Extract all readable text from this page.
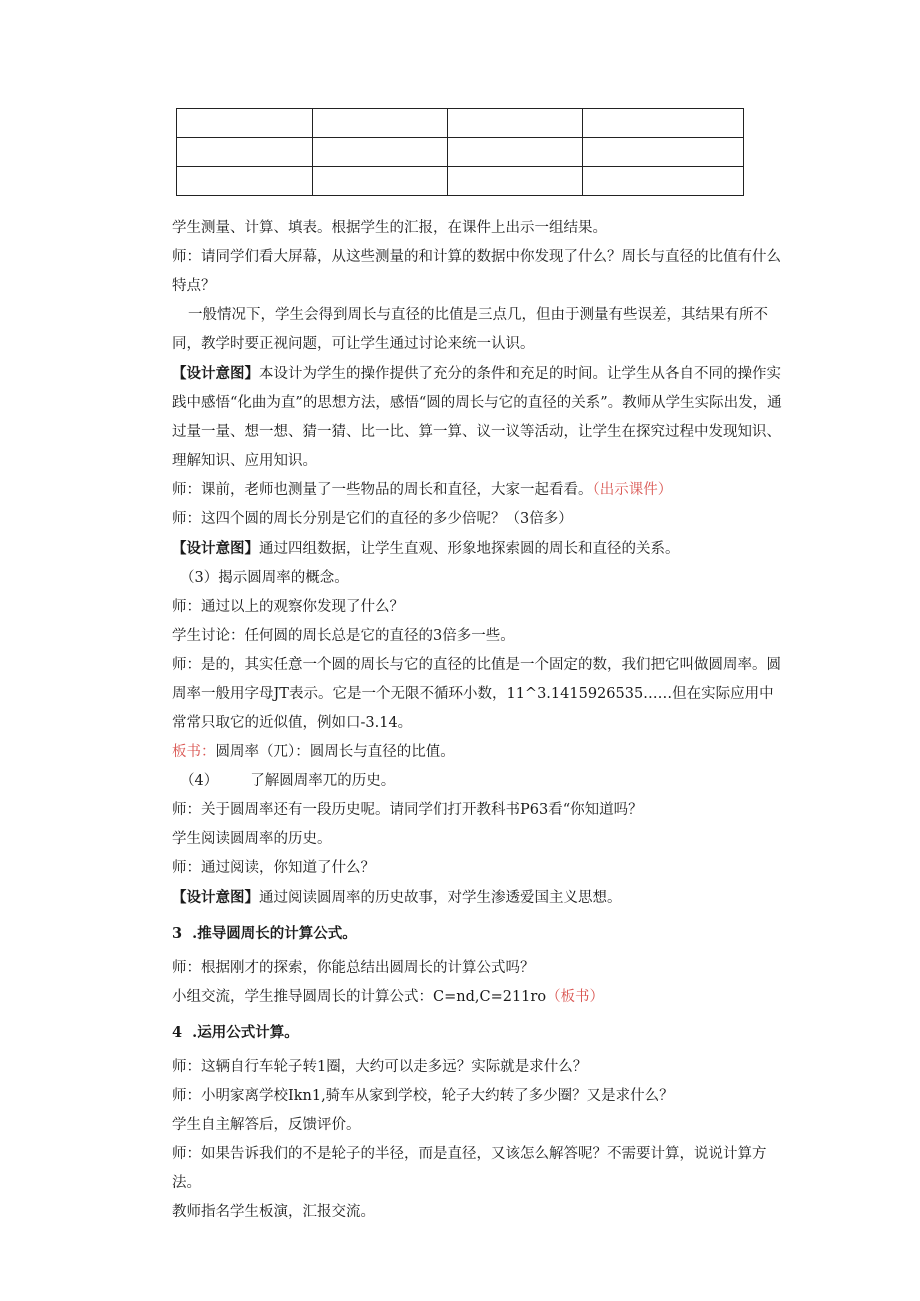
学生测量、计算、填表。根据学生的汇报，在课件上出示一组结果。

师：请同学们看大屏幕，从这些测量的和计算的数据中你发现了什么？周长与直径的比值有什么特点？

一般情况下，学生会得到周长与直径的比值是三点几，但由于测量有些误差，其结果有所不同，教学时要正视问题，可让学生通过讨论来统一认识。

【设计意图】本设计为学生的操作提供了充分的条件和充足的时间。让学生从各自不同的操作实践中感悟“化曲为直”的思想方法，感悟“圆的周长与它的直径的关系”。教师从学生实际出发，通过量一量、想一想、猜一猜、比一比、算一算、议一议等活动，让学生在探究过程中发现知识、理解知识、应用知识。

师：课前，老师也测量了一些物品的周长和直径，大家一起看看。（出示课件）

师：这四个圆的周长分别是它们的直径的多少倍呢？（3倍多）

【设计意图】通过四组数据，让学生直观、形象地探索圆的周长和直径的关系。

（3）揭示圆周率的概念。

师：通过以上的观察你发现了什么？

学生讨论：任何圆的周长总是它的直径的3倍多一些。

师：是的，其实任意一个圆的周长与它的直径的比值是一个固定的数，我们把它叫做圆周率。圆周率一般用字母JT表示。它是一个无限不循环小数，11^3.1415926535……但在实际应用中常常只取它的近似值，例如口-3.14。

板书：圆周率（兀）：圆周长与直径的比值。

（4） 了解圆周率兀的历史。

师：关于圆周率还有一段历史呢。请同学们打开教科书P63看“你知道吗？

学生阅读圆周率的历史。

师：通过阅读，你知道了什么？

【设计意图】通过阅读圆周率的历史故事，对学生渗透爱国主义思想。

3  .推导圆周长的计算公式。

师：根据刚才的探索，你能总结出圆周长的计算公式吗？

小组交流，学生推导圆周长的计算公式：C=nd,C=211ro（板书）

4  .运用公式计算。

师：这辆自行车轮子转1圈，大约可以走多远？实际就是求什么？

师：小明家离学校Ikn1,骑车从家到学校，轮子大约转了多少圈？又是求什么？

学生自主解答后，反馈评价。

师：如果告诉我们的不是轮子的半径，而是直径，又该怎么解答呢？不需要计算，说说计算方法。

教师指名学生板演，汇报交流。
